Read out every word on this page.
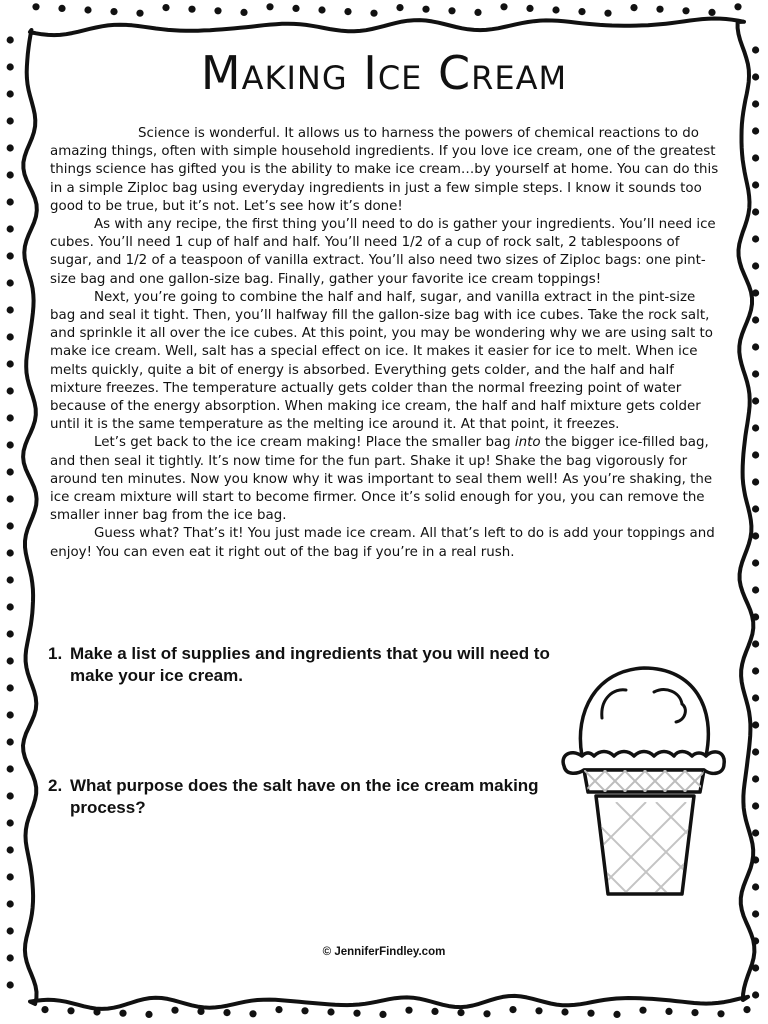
Making Ice Cream

Science is wonderful. It allows us to harness the powers of chemical reactions to do amazing things, often with simple household ingredients. If you love ice cream, one of the greatest things science has gifted you is the ability to make ice cream…by yourself at home. You can do this in a simple Ziploc bag using everyday ingredients in just a few simple steps. I know it sounds too good to be true, but it’s not. Let’s see how it’s done!

As with any recipe, the first thing you’ll need to do is gather your ingredients. You’ll need ice cubes. You’ll need 1 cup of half and half. You’ll need 1/2 of a cup of rock salt, 2 tablespoons of sugar, and 1/2 of a teaspoon of vanilla extract. You’ll also need two sizes of Ziploc bags: one pint-size bag and one gallon-size bag. Finally, gather your favorite ice cream toppings!

Next, you’re going to combine the half and half, sugar, and vanilla extract in the pint-size bag and seal it tight. Then, you’ll halfway fill the gallon-size bag with ice cubes. Take the rock salt, and sprinkle it all over the ice cubes. At this point, you may be wondering why we are using salt to make ice cream. Well, salt has a special effect on ice. It makes it easier for ice to melt. When ice melts quickly, quite a bit of energy is absorbed. Everything gets colder, and the half and half mixture freezes. The temperature actually gets colder than the normal freezing point of water because of the energy absorption. When making ice cream, the half and half mixture gets colder until it is the same temperature as the melting ice around it. At that point, it freezes.

Let’s get back to the ice cream making! Place the smaller bag into the bigger ice-filled bag, and then seal it tightly. It’s now time for the fun part. Shake it up! Shake the bag vigorously for around ten minutes. Now you know why it was important to seal them well! As you’re shaking, the ice cream mixture will start to become firmer. Once it’s solid enough for you, you can remove the smaller inner bag from the ice bag.

Guess what? That’s it! You just made ice cream. All that’s left to do is add your toppings and enjoy! You can even eat it right out of the bag if you’re in a real rush.

1. Make a list of supplies and ingredients that you will need to make your ice cream.
2. What purpose does the salt have on the ice cream making process?
© JenniferFindley.com
